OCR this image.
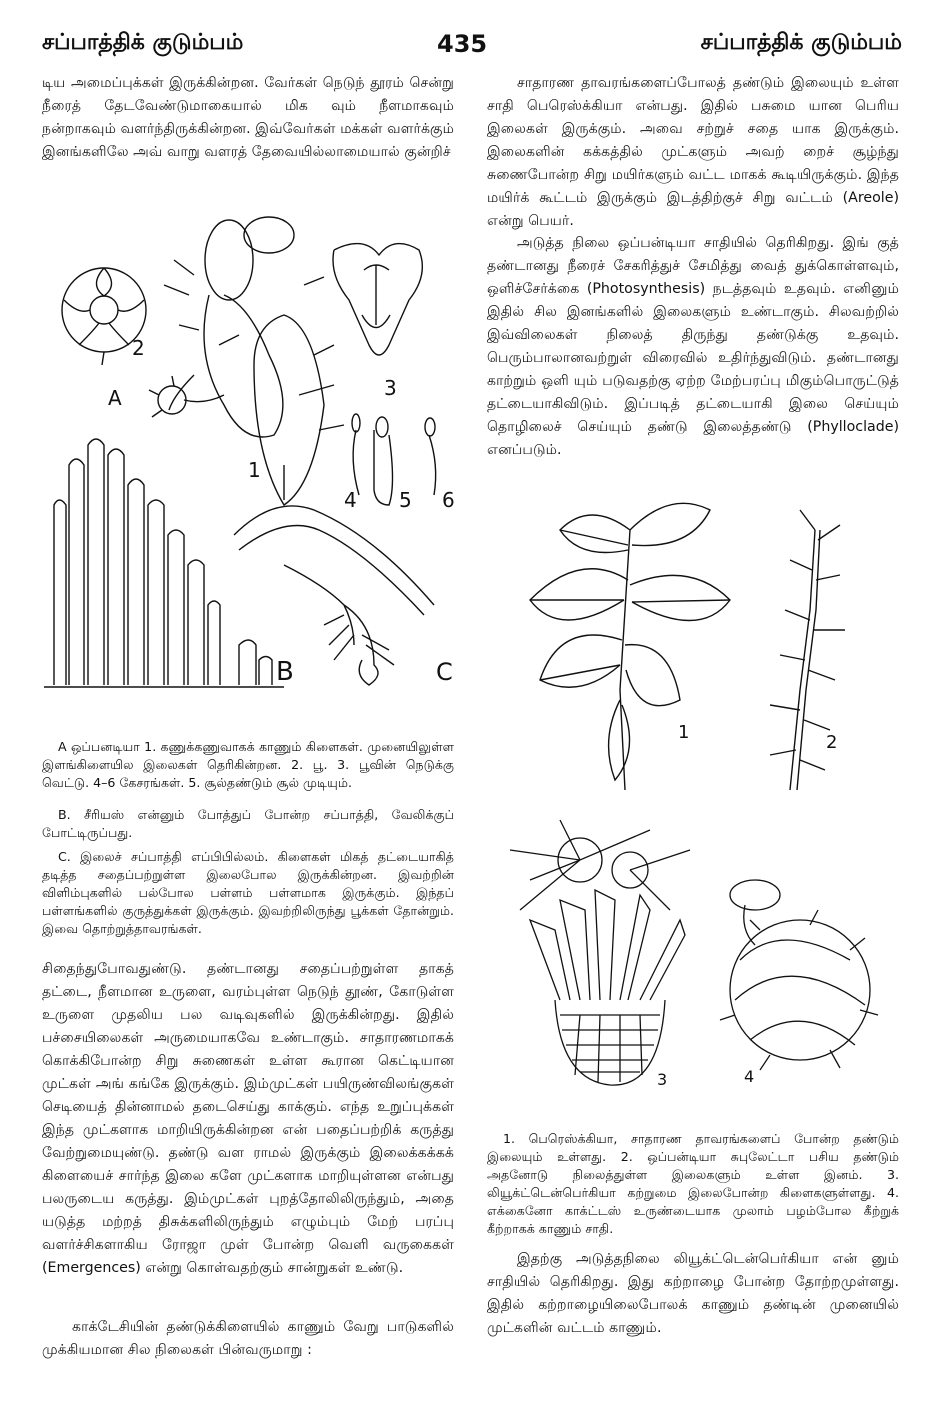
சப்பாத்திக் குடும்பம்	435	சப்பாத்திக் குடும்பம்

டிய அமைப்புக்கள் இருக்கின்றன. வேர்கள் நெடுந் தூரம் சென்று நீரைத் தேடவேண்டுமாகையால் மிக வும் நீளமாகவும் நன்றாகவும் வளர்ந்திருக்கின்றன. இவ்வேர்கள் மக்கள் வளர்க்கும் இனங்களிலே அவ் வாறு வளரத் தேவையில்லாமையால் குன்றிச்

2
A	3
1
4 5 6
B	C

A ஒப்பனடியா 1. கணுக்கணுவாகக் காணும் கிளைகள். முனையிலுள்ள இளங்கிளையில இலைகள் தெரிகின்றன. 2. பூ. 3. பூவின் நெடுக்கு வெட்டு. 4–6 கேசரங்கள். 5. சூல்தண்டும் சூல் முடியும்.

B. சீரியஸ் என்னும் போத்துப் போன்ற சப்பாத்தி, வேலிக்குப் போட்டிருப்பது.

C. இலைச் சப்பாத்தி எப்பிபில்லம். கிளைகள் மிகத் தட்டையாகித் தடித்த சதைப்பற்றுள்ள இலைபோல இருக்கின்றன. இவற்றின் விளிம்புகளில் பல்போல பள்ளம் பள்ளமாக இருக்கும். இந்தப் பள்ளங்களில் குருத்துக்கள் இருக்கும். இவற்றிலிருந்து பூக்கள் தோன்றும். இவை தொற்றுத்தாவரங்கள்.

சிதைந்துபோவதுண்டு. தண்டானது சதைப்பற்றுள்ள தாகத் தட்டை, நீளமான உருளை, வரம்புள்ள நெடுந் தூண், கோடுள்ள உருளை முதலிய பல வடிவுகளில் இருக்கின்றது. இதில் பச்சையிலைகள் அருமையாகவே உண்டாகும். சாதாரணமாகக் கொக்கிபோன்ற சிறு சுணைகள் உள்ள கூரான கெட்டியான முட்கள் அங் கங்கே இருக்கும். இம்முட்கள் பயிருண்விலங்குகள் செடியைத் தின்னாமல் தடைசெய்து காக்கும். எந்த உறுப்புக்கள் இந்த முட்களாக மாறியிருக்கின்றன என் பதைப்பற்றிக் கருத்து வேற்றுமையுண்டு. தண்டு வள ராமல் இருக்கும் இலைக்கக்கக் கிளையைச் சார்ந்த இலை களே முட்களாக மாறியுள்ளன என்பது பலருடைய கருத்து. இம்முட்கள் புறத்தோலிலிருந்தும், அதை யடுத்த மற்றத் திசுக்களிலிருந்தும் எழும்பும் மேற் பரப்பு வளர்ச்சிகளாகிய ரோஜா முள் போன்ற வெளி வருகைகள் (Emergences) என்று கொள்வதற்கும் சான்றுகள் உண்டு.

காக்டேசியின் தண்டுக்கிளையில் காணும் வேறு பாடுகளில் முக்கியமான சில நிலைகள் பின்வருமாறு :

சாதாரண தாவரங்களைப்போலத் தண்டும் இலையும் உள்ள சாதி பெரெஸ்க்கியா என்பது. இதில் பசுமை யான பெரிய இலைகள் இருக்கும். அவை சற்றுச் சதை யாக இருக்கும். இலைகளின் கக்கத்தில் முட்களும் அவற் றைச் சூழ்ந்து சுணைபோன்ற சிறு மயிர்களும் வட்ட மாகக் கூடியிருக்கும். இந்த மயிர்க் கூட்டம் இருக்கும் இடத்திற்குச் சிறு வட்டம் (Areole) என்று பெயர்.

அடுத்த நிலை ஒப்பன்டியா சாதியில் தெரிகிறது. இங் குத் தண்டானது நீரைச் சேகரித்துச் சேமித்து வைத் துக்கொள்ளவும், ஒளிச்சேர்க்கை (Photosynthesis) நடத்தவும் உதவும். எனினும் இதில் சில இனங்களில் இலைகளும் உண்டாகும். சிலவற்றில் இவ்விலைகள் நிலைத் திருந்து தண்டுக்கு உதவும். பெரும்பாலானவற்றுள் விரைவில் உதிர்ந்துவிடும். தண்டானது காற்றும் ஒளி யும் படுவதற்கு ஏற்ற மேற்பரப்பு மிகும்பொருட்டுத் தட்டையாகிவிடும். இப்படித் தட்டையாகி இலை செய்யும் தொழிலைச் செய்யும் தண்டு இலைத்தண்டு (Phylloclade) எனப்படும்.

1	2
3	4

1. பெரெஸ்க்கியா, சாதாரண தாவரங்களைப் போன்ற தண்டும் இலையும் உள்ளது. 2. ஒப்பன்டியா சுபுலேட்டா பசிய தண்டும் அதனோடு நிலைத்துள்ள இலைகளும் உள்ள இனம். 3. லியூக்ட்டென்பெர்கியா கற்றுமை இலைபோன்ற கிளைகளுள்ளது. 4. எக்கைனோ காக்ட்டஸ் உருண்டையாக முலாம் பழம்போல கீற்றுக் கீற்றாகக் காணும் சாதி.

இதற்கு அடுத்தநிலை லியூக்ட்டென்பெர்கியா என் னும் சாதியில் தெரிகிறது. இது கற்றாழை போன்ற தோற்றமுள்ளது. இதில் கற்றாழையிலைபோலக் காணும் தண்டின் முனையில் முட்களின் வட்டம் காணும்.
